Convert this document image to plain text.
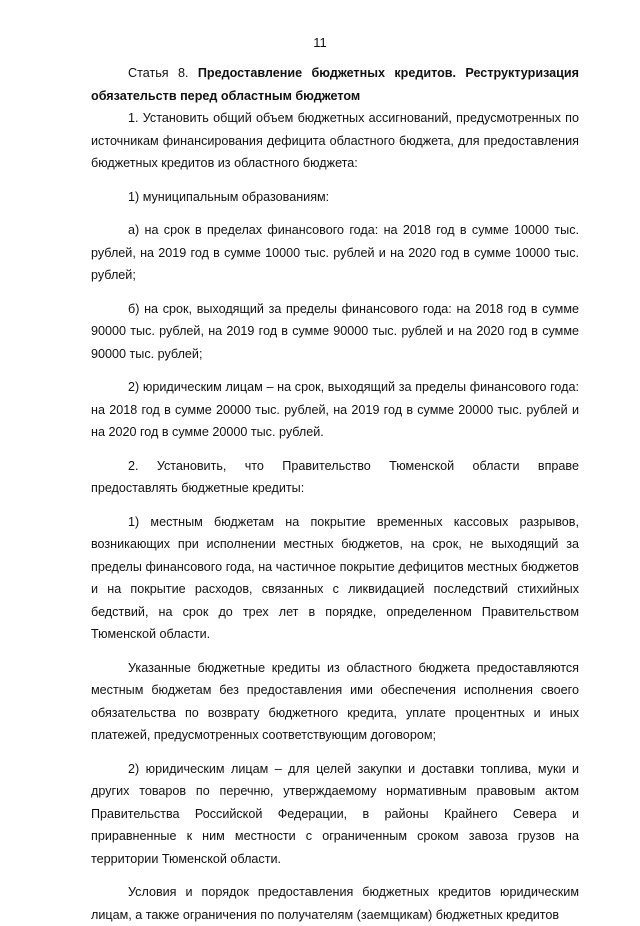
11

Статья 8. Предоставление бюджетных кредитов. Реструктуризация обязательств перед областным бюджетом

1. Установить общий объем бюджетных ассигнований, предусмотренных по источникам финансирования дефицита областного бюджета, для предоставления бюджетных кредитов из областного бюджета:

1) муниципальным образованиям:

а) на срок в пределах финансового года: на 2018 год в сумме 10000 тыс. рублей, на 2019 год в сумме 10000 тыс. рублей и на 2020 год в сумме 10000 тыс. рублей;

б) на срок, выходящий за пределы финансового года: на 2018 год в сумме 90000 тыс. рублей, на 2019 год в сумме 90000 тыс. рублей и на 2020 год в сумме 90000 тыс. рублей;

2) юридическим лицам – на срок, выходящий за пределы финансового года: на 2018 год в сумме 20000 тыс. рублей, на 2019 год в сумме 20000 тыс. рублей и на 2020 год в сумме 20000 тыс. рублей.

2. Установить, что Правительство Тюменской области вправе предоставлять бюджетные кредиты:

1) местным бюджетам на покрытие временных кассовых разрывов, возникающих при исполнении местных бюджетов, на срок, не выходящий за пределы финансового года, на частичное покрытие дефицитов местных бюджетов и на покрытие расходов, связанных с ликвидацией последствий стихийных бедствий, на срок до трех лет в порядке, определенном Правительством Тюменской области.

Указанные бюджетные кредиты из областного бюджета предоставляются местным бюджетам без предоставления ими обеспечения исполнения своего обязательства по возврату бюджетного кредита, уплате процентных и иных платежей, предусмотренных соответствующим договором;

2) юридическим лицам – для целей закупки и доставки топлива, муки и других товаров по перечню, утверждаемому нормативным правовым актом Правительства Российской Федерации, в районы Крайнего Севера и приравненные к ним местности с ограниченным сроком завоза грузов на территории Тюменской области.

Условия и порядок предоставления бюджетных кредитов юридическим лицам, а также ограничения по получателям (заемщикам) бюджетных кредитов
